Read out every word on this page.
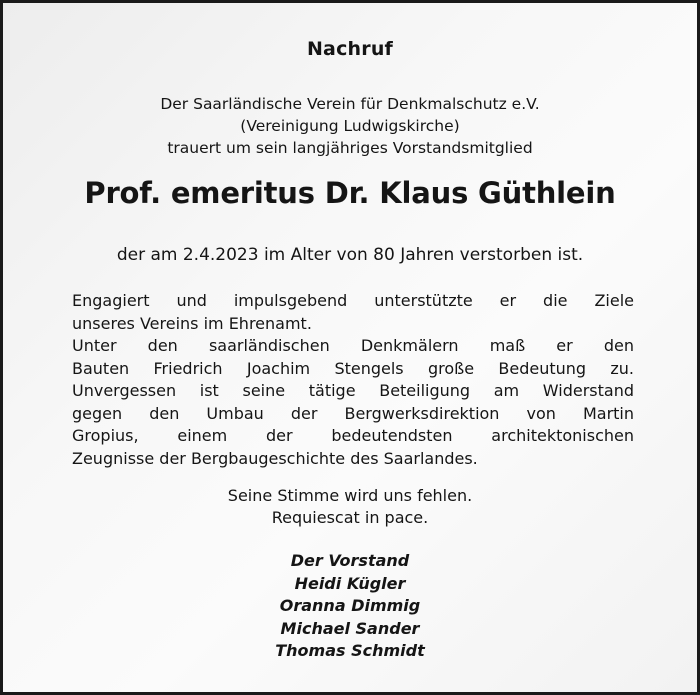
Nachruf
Der Saarländische Verein für Denkmalschutz e.V.
(Vereinigung Ludwigskirche)
trauert um sein langjähriges Vorstandsmitglied
Prof. emeritus Dr. Klaus Güthlein
der am 2.4.2023 im Alter von 80 Jahren verstorben ist.
Engagiert und impulsgebend unterstützte er die Ziele
unseres Vereins im Ehrenamt.
Unter den saarländischen Denkmälern maß er den
Bauten Friedrich Joachim Stengels große Bedeutung zu.
Unvergessen ist seine tätige Beteiligung am Widerstand
gegen den Umbau der Bergwerksdirektion von Martin
Gropius, einem der bedeutendsten architektonischen
Zeugnisse der Bergbaugeschichte des Saarlandes.
Seine Stimme wird uns fehlen.
Requiescat in pace.
Der Vorstand
Heidi Kügler
Oranna Dimmig
Michael Sander
Thomas Schmidt
